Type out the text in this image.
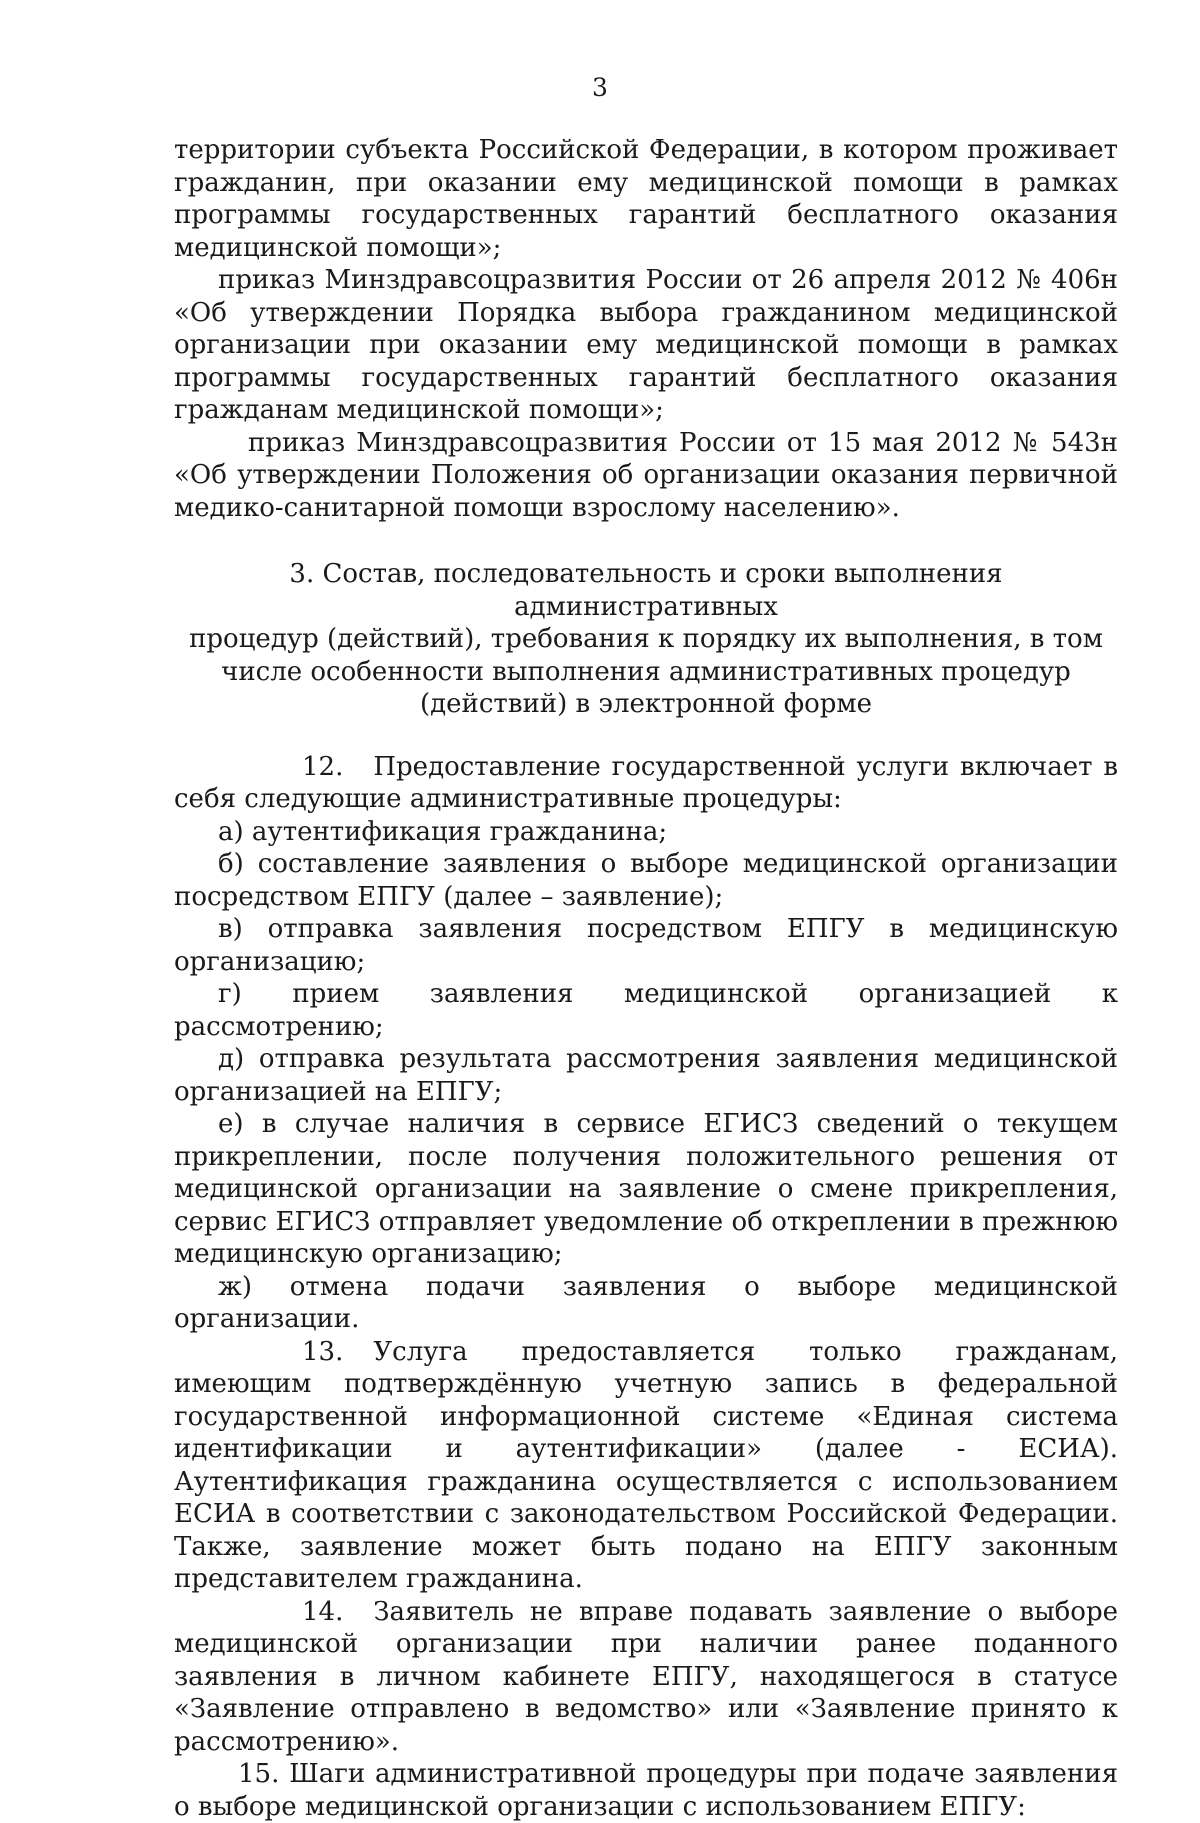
3

территории субъекта Российской Федерации, в котором проживает гражданин, при оказании ему медицинской помощи в рамках программы государственных гарантий бесплатного оказания медицинской помощи»;

приказ Минздравсоцразвития России от 26 апреля 2012 № 406н «Об утверждении Порядка выбора гражданином медицинской организации при оказании ему медицинской помощи в рамках программы государственных гарантий бесплатного оказания гражданам медицинской помощи»;

приказ Минздравсоцразвития России от 15 мая 2012 № 543н «Об утверждении Положения об организации оказания первичной медико-санитарной помощи взрослому населению».

3. Состав, последовательность и сроки выполнения административных

процедур (действий), требования к порядку их выполнения, в том

числе особенности выполнения административных процедур

(действий) в электронной форме

12. Предоставление государственной услуги включает в себя следующие административные процедуры:

а) аутентификация гражданина;

б) составление заявления о выборе медицинской организации посредством ЕПГУ (далее – заявление);

в) отправка заявления посредством ЕПГУ в медицинскую организацию;

г) прием заявления медицинской организацией к рассмотрению;

д) отправка результата рассмотрения заявления медицинской организацией на ЕПГУ;

е) в случае наличия в сервисе ЕГИСЗ сведений о текущем прикреплении, после получения положительного решения от медицинской организации на заявление о смене прикрепления, сервис ЕГИСЗ отправляет уведомление об откреплении в прежнюю медицинскую организацию;

ж) отмена подачи заявления о выборе медицинской организации.

13. Услуга предоставляется только гражданам, имеющим подтверждённую учетную запись в федеральной государственной информационной системе «Единая система идентификации и аутентификации» (далее - ЕСИА). Аутентификация гражданина осуществляется с использованием ЕСИА в соответствии с законодательством Российской Федерации. Также, заявление может быть подано на ЕПГУ законным представителем гражданина.

14. Заявитель не вправе подавать заявление о выборе медицинской организации при наличии ранее поданного заявления в личном кабинете ЕПГУ, находящегося в статусе «Заявление отправлено в ведомство» или «Заявление принято к рассмотрению».

15. Шаги административной процедуры при подаче заявления о выборе медицинской организации с использованием ЕПГУ:
